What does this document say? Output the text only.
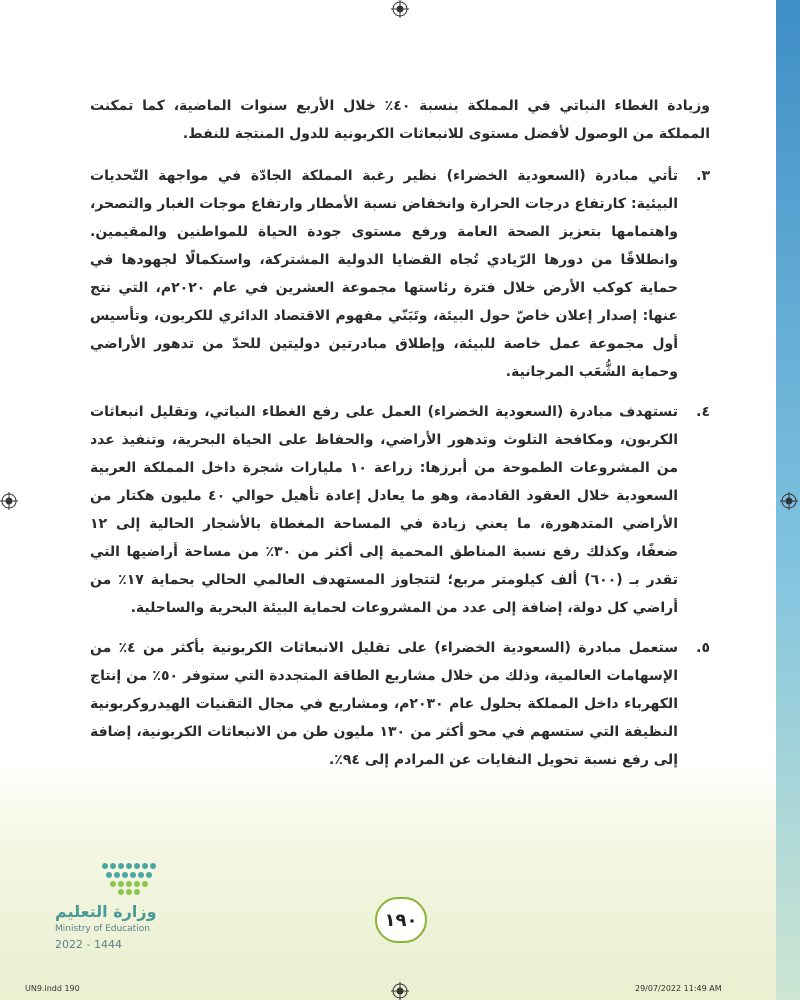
وزيادة الغطاء النباتي في المملكة بنسبة ٤٠٪ خلال الأربع سنوات الماضية، كما تمكنت المملكة من الوصول لأفضل مستوى للانبعاثات الكربونية للدول المنتجة للنفط.

٣.

تأتي مبادرة (السعودية الخضراء) نظير رغبة المملكة الجادّة في مواجهة التّحديات البيئية: كارتفاع درجات الحرارة وانخفاض نسبة الأمطار وارتفاع موجات الغبار والتصحر، واهتمامها بتعزيز الصحة العامة ورفع مستوى جودة الحياة للمواطنين والمقيمين. وانطلاقًا من دورها الرّيادي تُجاه القضايا الدولية المشتركة، واستكمالًا لجهودها في حماية كوكب الأرض خلال فترة رئاستها مجموعة العشرين في عام ٢٠٢٠م، التي نتج عنها: إصدار إعلان خاصّ حول البيئة، وتَبَنّي مفهوم الاقتصاد الدائري للكربون، وتأسيس أول مجموعة عمل خاصة للبيئة، وإطلاق مبادرتين دوليتين للحدّ من تدهور الأراضي وحماية الشُّعَب المرجانية.

٤.

تستهدف مبادرة (السعودية الخضراء) العمل على رفع الغطاء النباتي، وتقليل انبعاثات الكربون، ومكافحة التلوث وتدهور الأراضي، والحفاظ على الحياة البحرية، وتنفيذ عدد من المشروعات الطموحة من أبرزها: زراعة ١٠ مليارات شجرة داخل المملكة العربية السعودية خلال العقود القادمة، وهو ما يعادل إعادة تأهيل حوالي ٤٠ مليون هكتار من الأراضي المتدهورة، ما يعني زيادة في المساحة المغطاة بالأشجار الحالية إلى ١٢ ضعفًا، وكذلك رفع نسبة المناطق المحمية إلى أكثر من ٣٠٪ من مساحة أراضيها التي تقدر بـ (٦٠٠) ألف كيلومتر مربع؛ لتتجاوز المستهدف العالمي الحالي بحماية ١٧٪ من أراضي كل دولة، إضافة إلى عدد من المشروعات لحماية البيئة البحرية والساحلية.

٥.

ستعمل مبادرة (السعودية الخضراء) على تقليل الانبعاثات الكربونية بأكثر من ٤٪ من الإسهامات العالمية، وذلك من خلال مشاريع الطاقة المتجددة التي ستوفر ٥٠٪ من إنتاج الكهرباء داخل المملكة بحلول عام ٢٠٣٠م، ومشاريع في مجال التقنيات الهيدروكربونية النظيفة التي ستسهم في محو أكثر من ١٣٠ مليون طن من الانبعاثات الكربونية، إضافة إلى رفع نسبة تحويل النفايات عن المرادم إلى ٩٤٪.

وزارة التعليم
Ministry of Education
2022 - 1444
١٩٠
UN9.indd 190	29/07/2022 11:49 AM
